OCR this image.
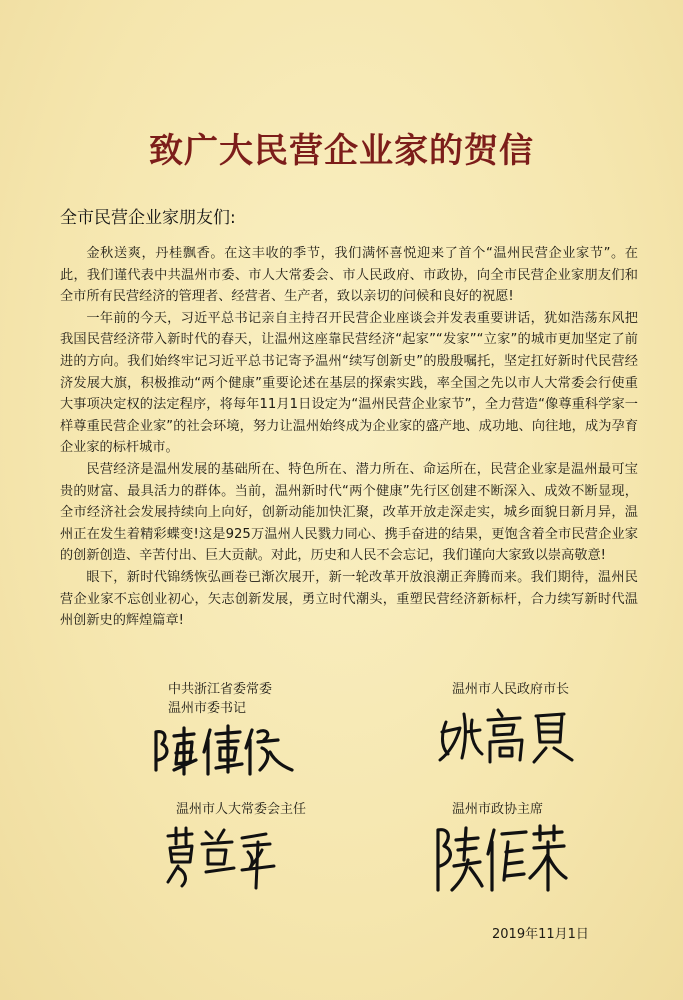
致广大民营企业家的贺信
全市民营企业家朋友们:

金秋送爽，丹桂飘香。在这丰收的季节，我们满怀喜悦迎来了首个“温州民营企业家节”。在此，我们谨代表中共温州市委、市人大常委会、市人民政府、市政协，向全市民营企业家朋友们和全市所有民营经济的管理者、经营者、生产者，致以亲切的问候和良好的祝愿!

一年前的今天，习近平总书记亲自主持召开民营企业座谈会并发表重要讲话，犹如浩荡东风把我国民营经济带入新时代的春天，让温州这座靠民营经济“起家”“发家”“立家”的城市更加坚定了前进的方向。我们始终牢记习近平总书记寄予温州“续写创新史”的殷殷嘱托，坚定扛好新时代民营经济发展大旗，积极推动“两个健康”重要论述在基层的探索实践，率全国之先以市人大常委会行使重大事项决定权的法定程序，将每年11月1日设定为“温州民营企业家节”，全力营造“像尊重科学家一样尊重民营企业家”的社会环境，努力让温州始终成为企业家的盛产地、成功地、向往地，成为孕育企业家的标杆城市。

民营经济是温州发展的基础所在、特色所在、潜力所在、命运所在，民营企业家是温州最可宝贵的财富、最具活力的群体。当前，温州新时代“两个健康”先行区创建不断深入、成效不断显现，全市经济社会发展持续向上向好，创新动能加快汇聚，改革开放走深走实，城乡面貌日新月异，温州正在发生着精彩蝶变!这是925万温州人民戮力同心、携手奋进的结果，更饱含着全市民营企业家的创新创造、辛苦付出、巨大贡献。对此，历史和人民不会忘记，我们谨向大家致以崇高敬意!

眼下，新时代锦绣恢弘画卷已渐次展开，新一轮改革开放浪潮正奔腾而来。我们期待，温州民营企业家不忘创业初心，矢志创新发展，勇立时代潮头，重塑民营经济新标杆，合力续写新时代温州创新史的辉煌篇章!

中共浙江省委常委
温州市委书记
温州市人民政府市长
温州市人大常委会主任	温州市政协主席
2019年11月1日
